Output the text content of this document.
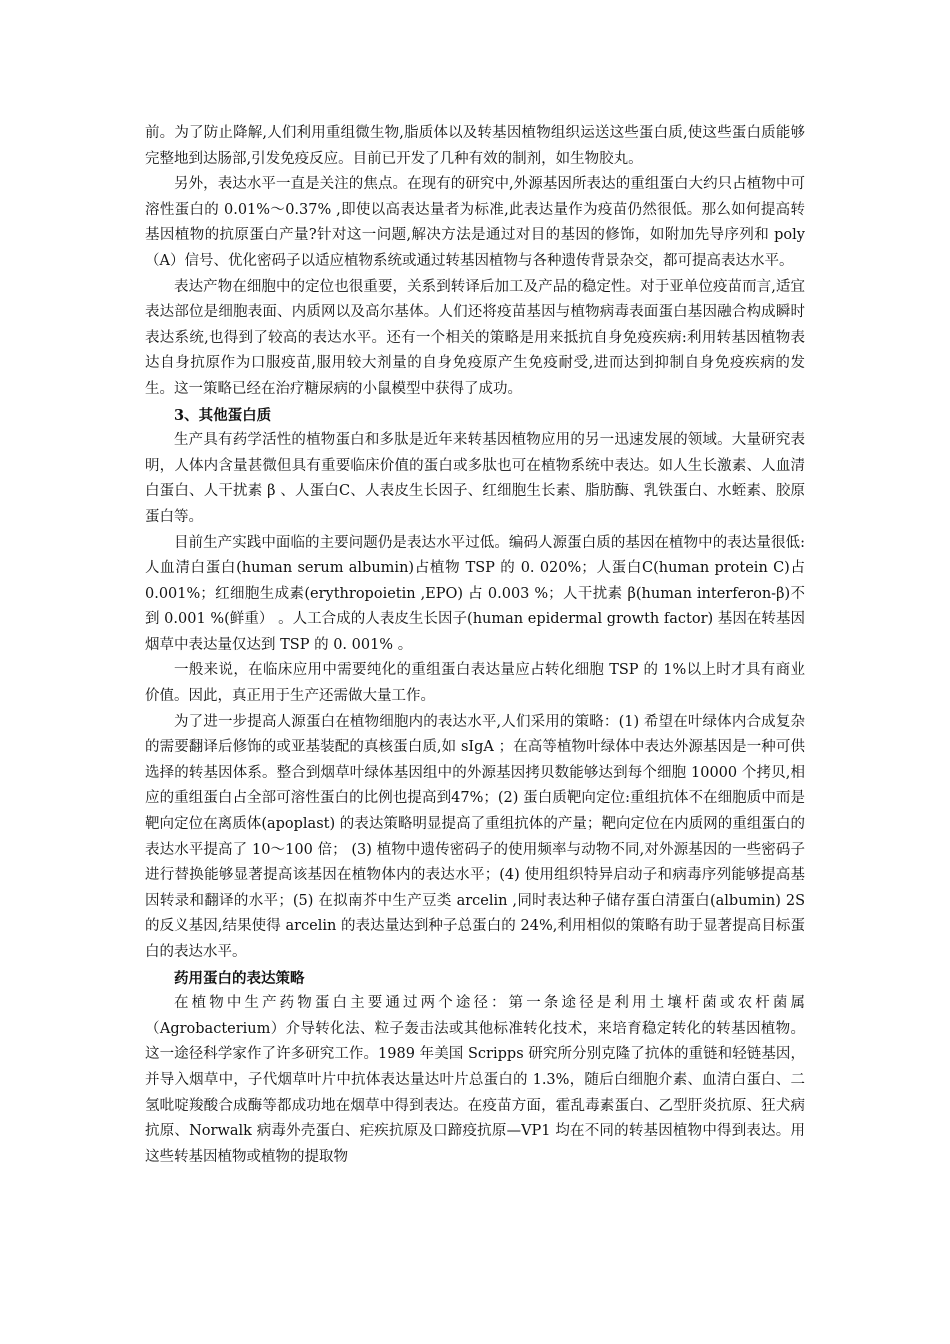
前。为了防止降解,人们利用重组微生物,脂质体以及转基因植物组织运送这些蛋白质,使这些蛋白质能够完整地到达肠部,引发免疫反应。目前已开发了几种有效的制剂，如生物胶丸。

另外，表达水平一直是关注的焦点。在现有的研究中,外源基因所表达的重组蛋白大约只占植物中可溶性蛋白的 0.01%～0.37% ,即使以高表达量者为标准,此表达量作为疫苗仍然很低。那么如何提高转基因植物的抗原蛋白产量?针对这一问题,解决方法是通过对目的基因的修饰，如附加先导序列和 poly（A）信号、优化密码子以适应植物系统或通过转基因植物与各种遗传背景杂交，都可提高表达水平。

表达产物在细胞中的定位也很重要，关系到转译后加工及产品的稳定性。对于亚单位疫苗而言,适宜表达部位是细胞表面、内质网以及高尔基体。人们还将疫苗基因与植物病毒表面蛋白基因融合构成瞬时表达系统,也得到了较高的表达水平。还有一个相关的策略是用来抵抗自身免疫疾病:利用转基因植物表达自身抗原作为口服疫苗,服用较大剂量的自身免疫原产生免疫耐受,进而达到抑制自身免疫疾病的发生。这一策略已经在治疗糖尿病的小鼠模型中获得了成功。

3、其他蛋白质

生产具有药学活性的植物蛋白和多肽是近年来转基因植物应用的另一迅速发展的领域。大量研究表明，人体内含量甚微但具有重要临床价值的蛋白或多肽也可在植物系统中表达。如人生长激素、人血清白蛋白、人干扰素 β 、人蛋白C、人表皮生长因子、红细胞生长素、脂肪酶、乳铁蛋白、水蛭素、胶原蛋白等。

目前生产实践中面临的主要问题仍是表达水平过低。编码人源蛋白质的基因在植物中的表达量很低:人血清白蛋白(human serum albumin)占植物 TSP 的 0. 020%；人蛋白C(human protein C)占 0.001%；红细胞生成素(erythropoietin ,EPO) 占 0.003 %；人干扰素 β(human interferon-β)不到 0.001 %(鲜重） 。人工合成的人表皮生长因子(human epidermal growth factor) 基因在转基因烟草中表达量仅达到 TSP 的 0. 001% 。

一般来说，在临床应用中需要纯化的重组蛋白表达量应占转化细胞 TSP 的 1%以上时才具有商业价值。因此，真正用于生产还需做大量工作。

为了进一步提高人源蛋白在植物细胞内的表达水平,人们采用的策略：(1) 希望在叶绿体内合成复杂的需要翻译后修饰的或亚基装配的真核蛋白质,如 sIgA ；在高等植物叶绿体中表达外源基因是一种可供选择的转基因体系。整合到烟草叶绿体基因组中的外源基因拷贝数能够达到每个细胞 10000 个拷贝,相应的重组蛋白占全部可溶性蛋白的比例也提高到47%；(2) 蛋白质靶向定位:重组抗体不在细胞质中而是靶向定位在离质体(apoplast) 的表达策略明显提高了重组抗体的产量；靶向定位在内质网的重组蛋白的表达水平提高了 10～100 倍； (3) 植物中遗传密码子的使用频率与动物不同,对外源基因的一些密码子进行替换能够显著提高该基因在植物体内的表达水平；(4) 使用组织特异启动子和病毒序列能够提高基因转录和翻译的水平；(5) 在拟南芥中生产豆类 arcelin ,同时表达种子储存蛋白清蛋白(albumin) 2S 的反义基因,结果使得 arcelin 的表达量达到种子总蛋白的 24%,利用相似的策略有助于显著提高目标蛋白的表达水平。

药用蛋白的表达策略

在植物中生产药物蛋白主要通过两个途径：第一条途径是利用土壤杆菌或农杆菌属（Agrobacterium）介导转化法、粒子轰击法或其他标准转化技术，来培育稳定转化的转基因植物。这一途径科学家作了许多研究工作。1989 年美国 Scripps 研究所分别克隆了抗体的重链和轻链基因，并导入烟草中，子代烟草叶片中抗体表达量达叶片总蛋白的 1.3%，随后白细胞介素、血清白蛋白、二氢吡啶羧酸合成酶等都成功地在烟草中得到表达。在疫苗方面，霍乱毒素蛋白、乙型肝炎抗原、狂犬病抗原、Norwalk 病毒外壳蛋白、疟疾抗原及口蹄疫抗原—VP1 均在不同的转基因植物中得到表达。用这些转基因植物或植物的提取物
